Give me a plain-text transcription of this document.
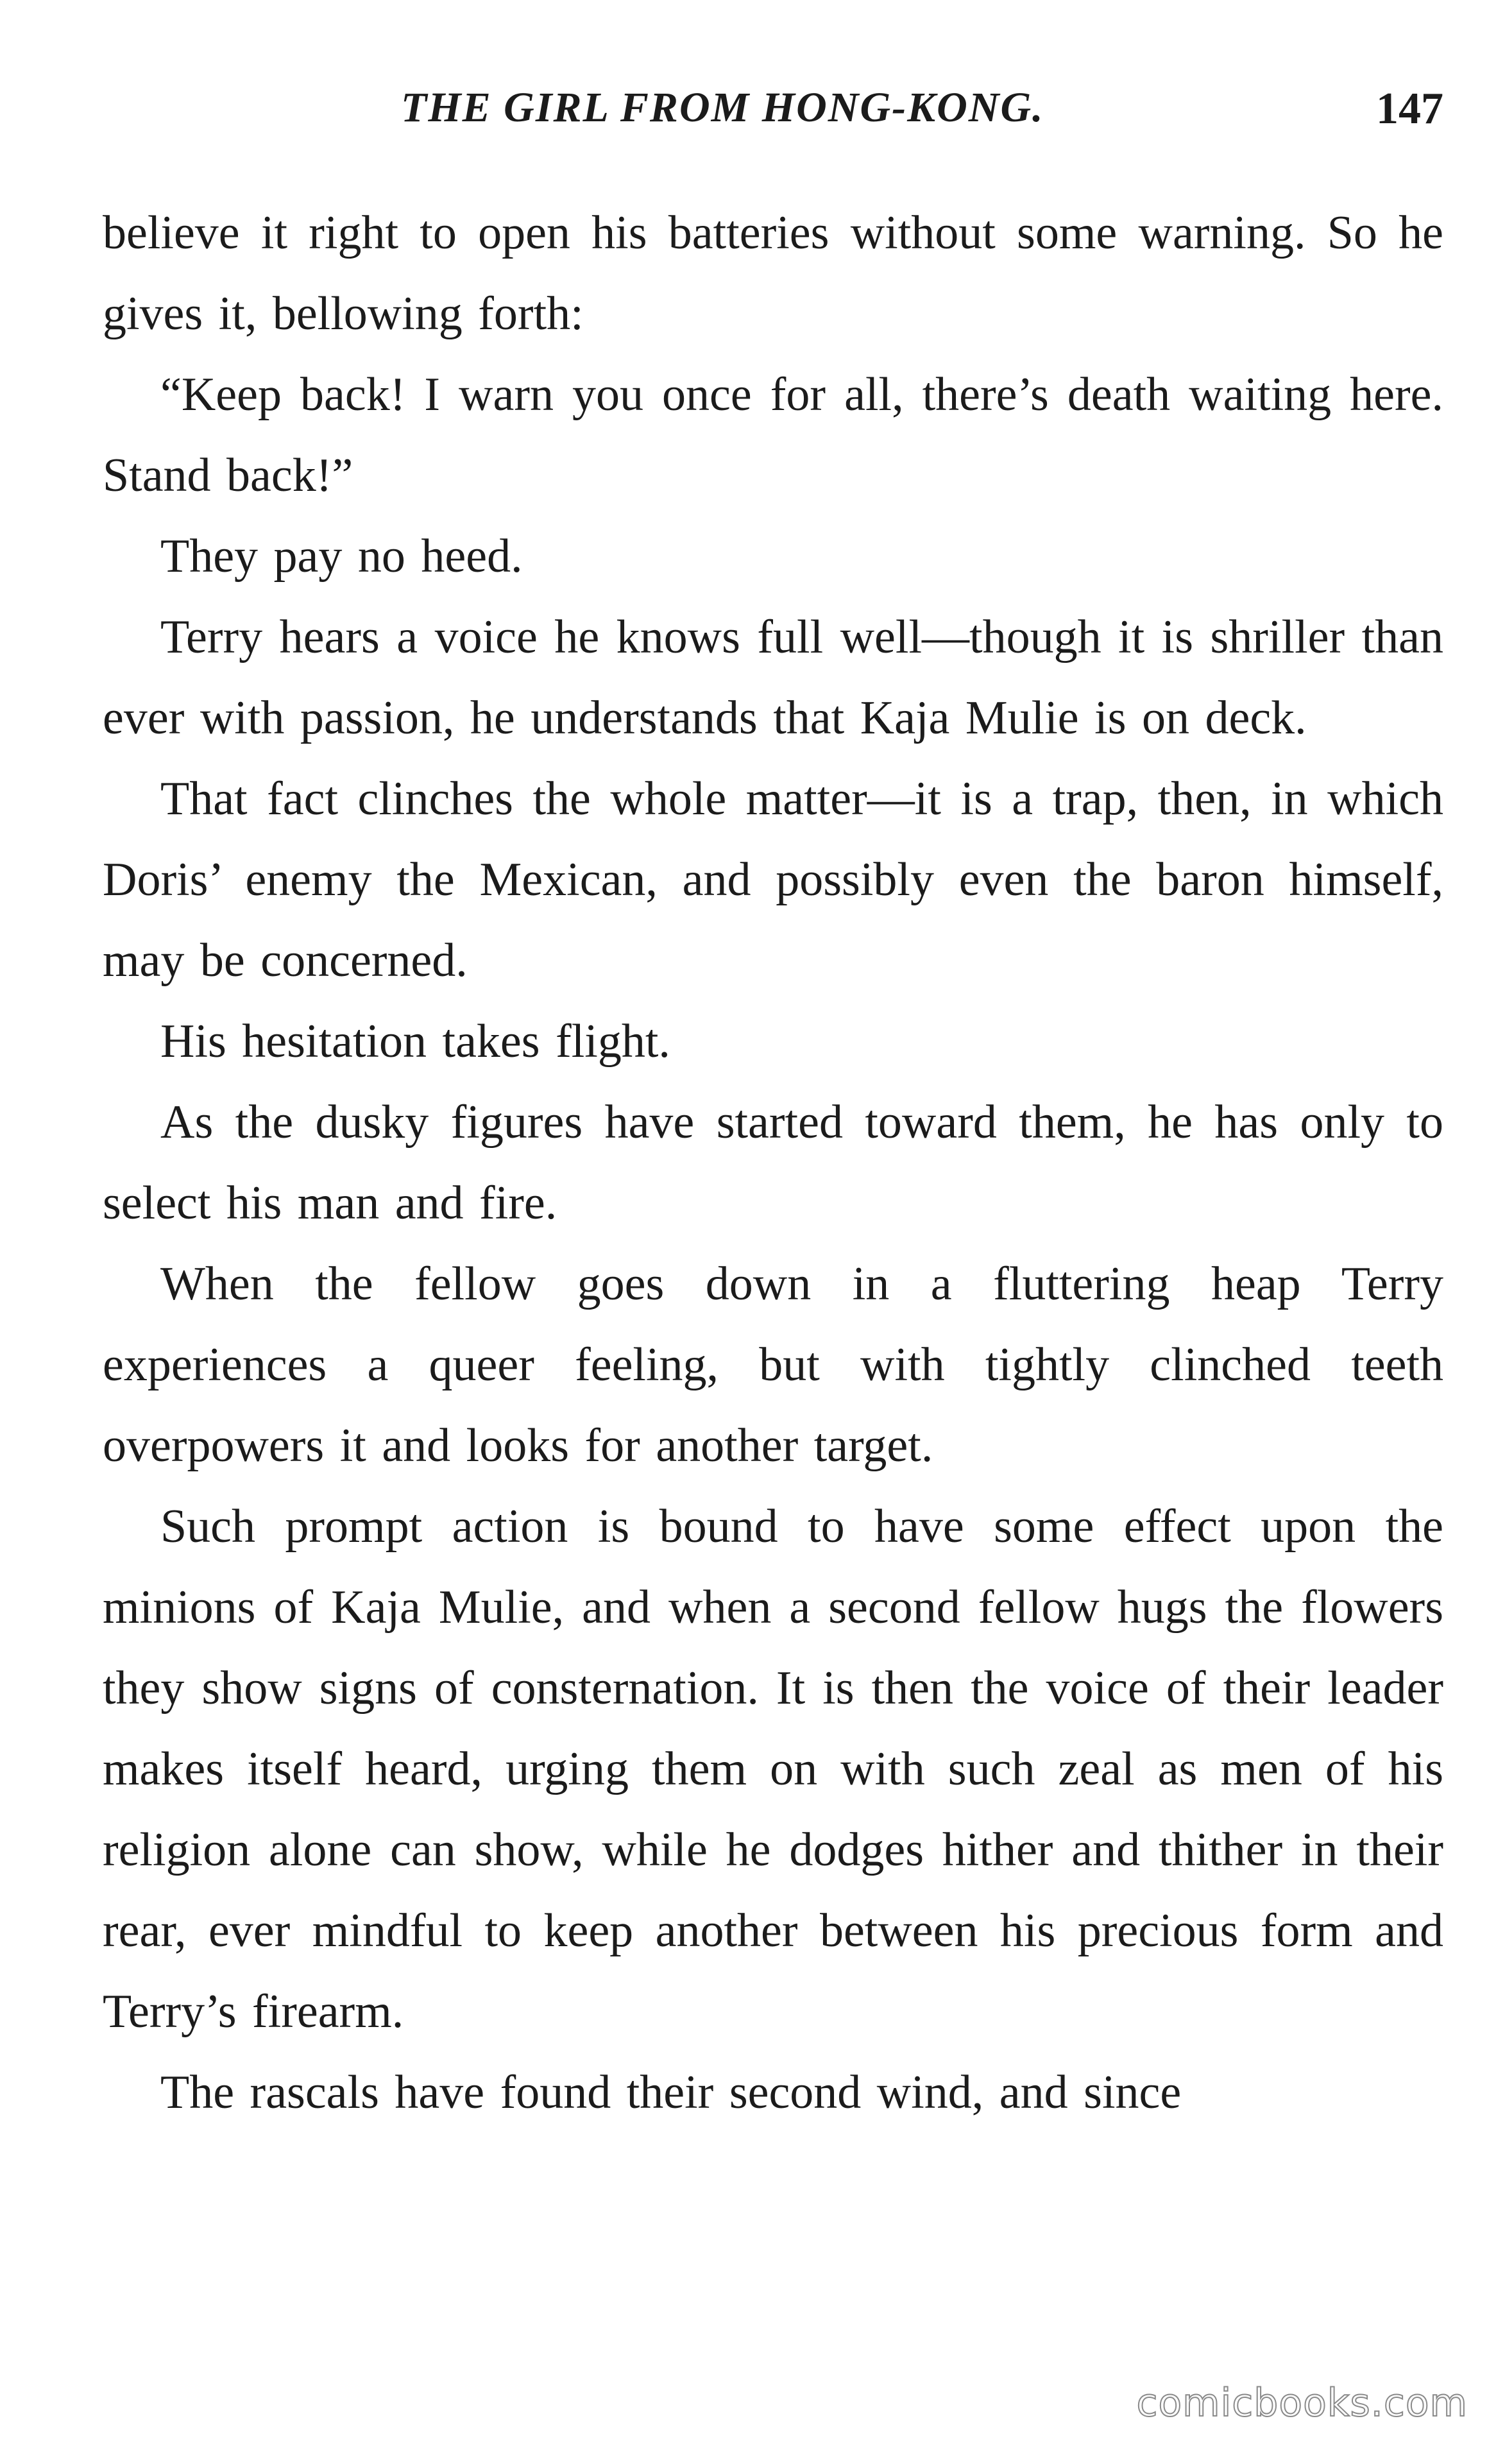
THE GIRL FROM HONG-KONG.	147

believe it right to open his batteries without some warning. So he gives it, bellowing forth:

“Keep back! I warn you once for all, there’s death waiting here. Stand back!”

They pay no heed.

Terry hears a voice he knows full well—though it is shriller than ever with passion, he understands that Kaja Mulie is on deck.

That fact clinches the whole matter—it is a trap, then, in which Doris’ enemy the Mexican, and possibly even the baron himself, may be concerned.

His hesitation takes flight.

As the dusky figures have started toward them, he has only to select his man and fire.

When the fellow goes down in a fluttering heap Terry experiences a queer feeling, but with tightly clinched teeth overpowers it and looks for another target.

Such prompt action is bound to have some effect upon the minions of Kaja Mulie, and when a second fellow hugs the flowers they show signs of consternation. It is then the voice of their leader makes itself heard, urging them on with such zeal as men of his religion alone can show, while he dodges hither and thither in their rear, ever mindful to keep another between his precious form and Terry’s firearm.

The rascals have found their second wind, and since

comicbooks.com
